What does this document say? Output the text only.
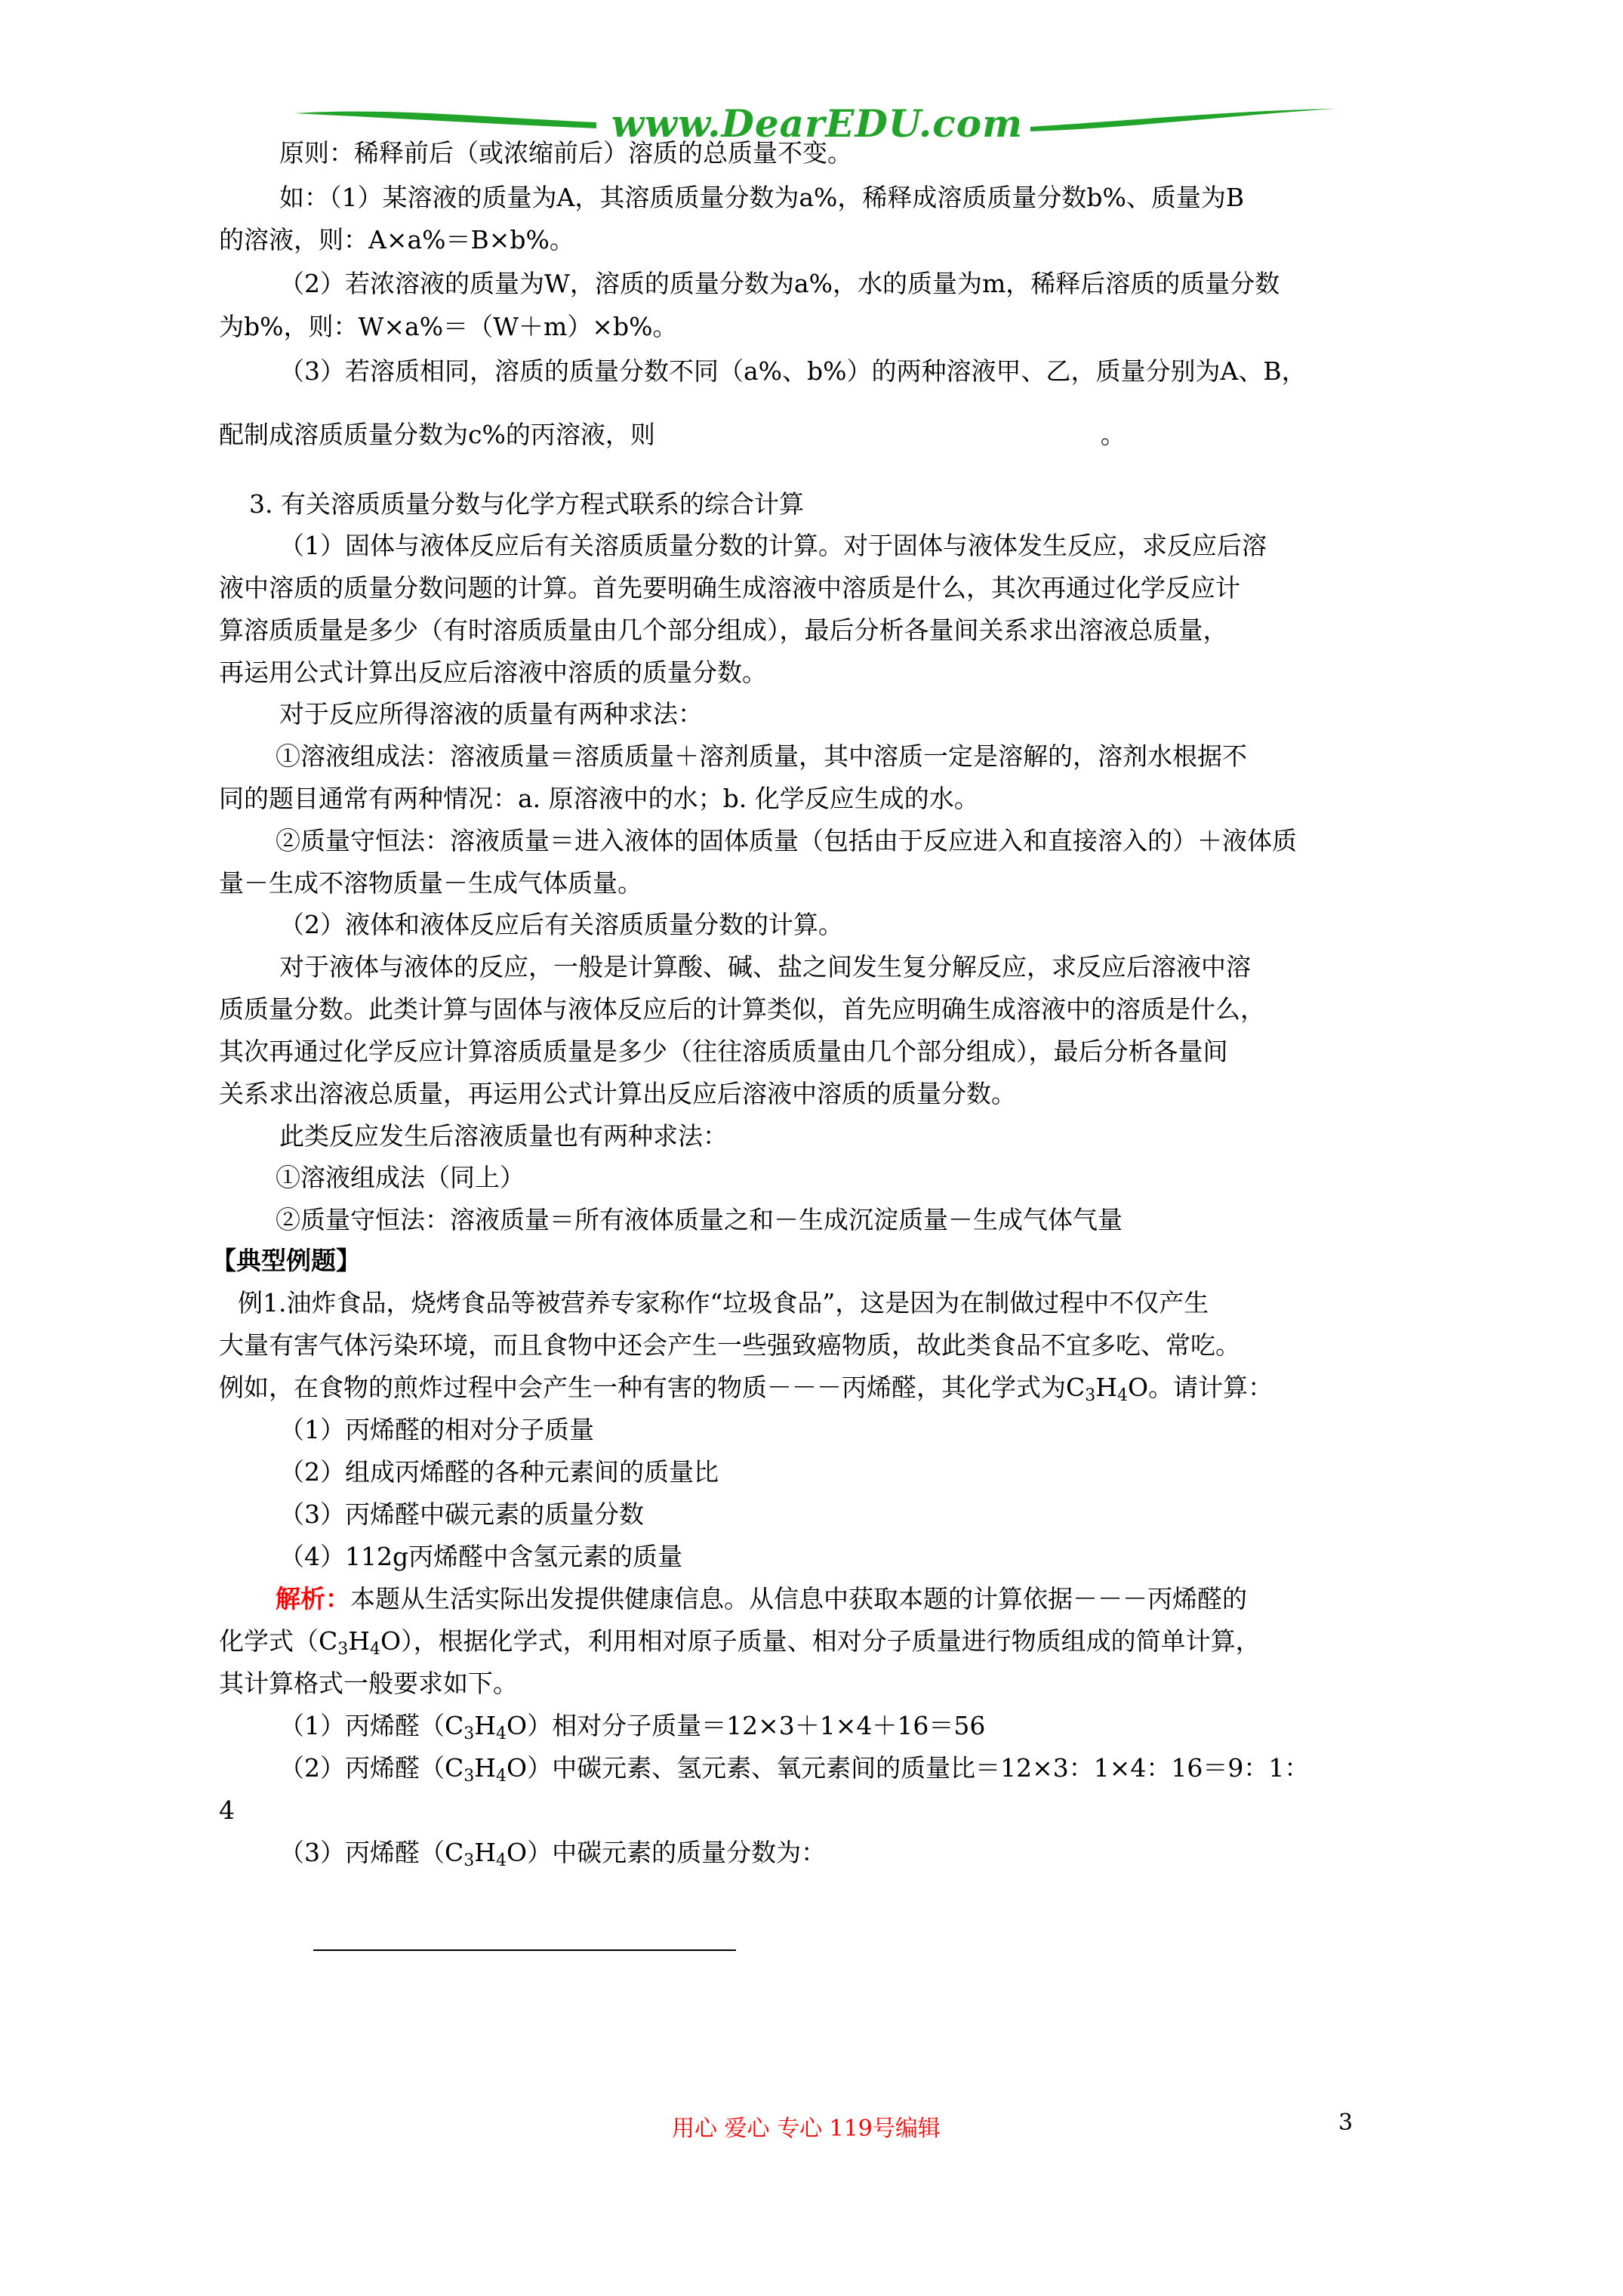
www.DearEDU.com
原则：稀释前后（或浓缩前后）溶质的总质量不变。
如：（1）某溶液的质量为A，其溶质质量分数为a%，稀释成溶质质量分数b%、质量为B
的溶液，则：A×a%＝B×b%。
（2）若浓溶液的质量为W，溶质的质量分数为a%，水的质量为m，稀释后溶质的质量分数
为b%，则：W×a%＝（W＋m）×b%。
（3）若溶质相同，溶质的质量分数不同（a%、b%）的两种溶液甲、乙，质量分别为A、B，
配制成溶质质量分数为c%的丙溶液，则	。
3. 有关溶质质量分数与化学方程式联系的综合计算
（1）固体与液体反应后有关溶质质量分数的计算。对于固体与液体发生反应，求反应后溶
液中溶质的质量分数问题的计算。首先要明确生成溶液中溶质是什么，其次再通过化学反应计
算溶质质量是多少（有时溶质质量由几个部分组成），最后分析各量间关系求出溶液总质量，
再运用公式计算出反应后溶液中溶质的质量分数。
对于反应所得溶液的质量有两种求法：
①溶液组成法：溶液质量＝溶质质量＋溶剂质量，其中溶质一定是溶解的，溶剂水根据不
同的题目通常有两种情况：a. 原溶液中的水；b. 化学反应生成的水。
②质量守恒法：溶液质量＝进入液体的固体质量（包括由于反应进入和直接溶入的）＋液体质
量－生成不溶物质量－生成气体质量。
（2）液体和液体反应后有关溶质质量分数的计算。
对于液体与液体的反应，一般是计算酸、碱、盐之间发生复分解反应，求反应后溶液中溶
质质量分数。此类计算与固体与液体反应后的计算类似，首先应明确生成溶液中的溶质是什么，
其次再通过化学反应计算溶质质量是多少（往往溶质质量由几个部分组成），最后分析各量间
关系求出溶液总质量，再运用公式计算出反应后溶液中溶质的质量分数。
此类反应发生后溶液质量也有两种求法：
①溶液组成法（同上）
②质量守恒法：溶液质量＝所有液体质量之和－生成沉淀质量－生成气体气量
【典型例题】
例1.油炸食品，烧烤食品等被营养专家称作“垃圾食品”，这是因为在制做过程中不仅产生
大量有害气体污染环境，而且食物中还会产生一些强致癌物质，故此类食品不宜多吃、常吃。
例如，在食物的煎炸过程中会产生一种有害的物质－－－丙烯醛，其化学式为$C_3H_4O$。请计算：
（1）丙烯醛的相对分子质量
（2）组成丙烯醛的各种元素间的质量比
（3）丙烯醛中碳元素的质量分数
（4）112g丙烯醛中含氢元素的质量
解析：本题从生活实际出发提供健康信息。从信息中获取本题的计算依据－－－丙烯醛的
化学式$(C_3H_4O)$，根据化学式，利用相对原子质量、相对分子质量进行物质组成的简单计算，
其计算格式一般要求如下。
（1）丙烯醛$(C_3H_4O)$相对分子质量＝12×3＋1×4＋16＝56
（2）丙烯醛$(C_3H_4O)$中碳元素、氢元素、氧元素间的质量比＝12×3：1×4：16＝9：1：
4
（3）丙烯醛$(C_3H_4O)$中碳元素的质量分数为：
用心 爱心 专心 119号编辑	3
